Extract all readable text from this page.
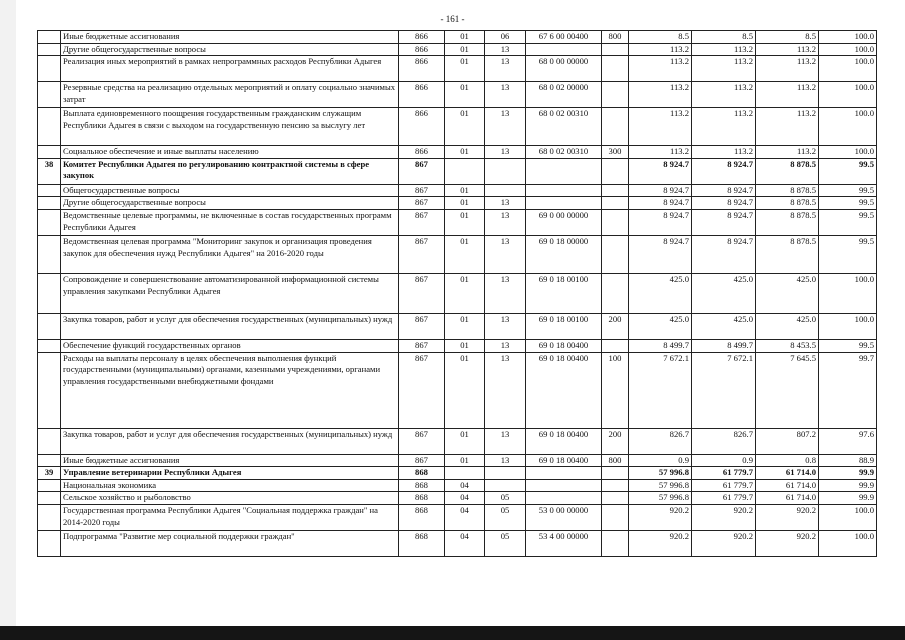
- 161 -
	Иные бюджетные ассигнования	866	01	06	67 6 00 00400	800	8.5	8.5	8.5	100.0
	Другие общегосударственные вопросы	866	01	13			113.2	113.2	113.2	100.0
	Реализация иных мероприятий в рамках непрограммных расходов Республики Адыгея	866	01	13	68 0 00 00000		113.2	113.2	113.2	100.0
	Резервные средства на реализацию отдельных мероприятий и оплату социально значимых затрат	866	01	13	68 0 02 00000		113.2	113.2	113.2	100.0
	Выплата единовременного поощрения государственным гражданским служащим Республики Адыгея в связи с выходом на государственную пенсию за выслугу лет	866	01	13	68 0 02 00310		113.2	113.2	113.2	100.0
	Социальное обеспечение и иные выплаты населению	866	01	13	68 0 02 00310	300	113.2	113.2	113.2	100.0
38	Комитет Республики Адыгея по регулированию контрактной системы в сфере закупок	867					8 924.7	8 924.7	8 878.5	99.5
	Общегосударственные вопросы	867	01				8 924.7	8 924.7	8 878.5	99.5
	Другие общегосударственные вопросы	867	01	13			8 924.7	8 924.7	8 878.5	99.5
	Ведомственные целевые программы, не включенные в состав государственных программ Республики Адыгея	867	01	13	69 0 00 00000		8 924.7	8 924.7	8 878.5	99.5
	Ведомственная целевая программа "Мониторинг закупок и организация проведения закупок для обеспечения нужд Республики Адыгея" на 2016-2020 годы	867	01	13	69 0 18 00000		8 924.7	8 924.7	8 878.5	99.5
	Сопровождение и совершенствование автоматизированной информационной системы управления закупками Республики Адыгея	867	01	13	69 0 18 00100		425.0	425.0	425.0	100.0
	Закупка товаров, работ и услуг для обеспечения государственных (муниципальных) нужд	867	01	13	69 0 18 00100	200	425.0	425.0	425.0	100.0
	Обеспечение функций государственных органов	867	01	13	69 0 18 00400		8 499.7	8 499.7	8 453.5	99.5
	Расходы на выплаты персоналу в целях обеспечения выполнения функций государственными (муниципальными) органами, казенными учреждениями, органами управления государственными внебюджетными фондами	867	01	13	69 0 18 00400	100	7 672.1	7 672.1	7 645.5	99.7
	Закупка товаров, работ и услуг для обеспечения государственных (муниципальных) нужд	867	01	13	69 0 18 00400	200	826.7	826.7	807.2	97.6
	Иные бюджетные ассигнования	867	01	13	69 0 18 00400	800	0.9	0.9	0.8	88.9
39	Управление ветеринарии Республики Адыгея	868					57 996.8	61 779.7	61 714.0	99.9
	Национальная экономика	868	04				57 996.8	61 779.7	61 714.0	99.9
	Сельское хозяйство и рыболовство	868	04	05			57 996.8	61 779.7	61 714.0	99.9
	Государственная программа Республики Адыгея "Социальная поддержка граждан" на 2014-2020 годы	868	04	05	53 0 00 00000		920.2	920.2	920.2	100.0
	Подпрограмма "Развитие мер социальной поддержки граждан"	868	04	05	53 4 00 00000		920.2	920.2	920.2	100.0
